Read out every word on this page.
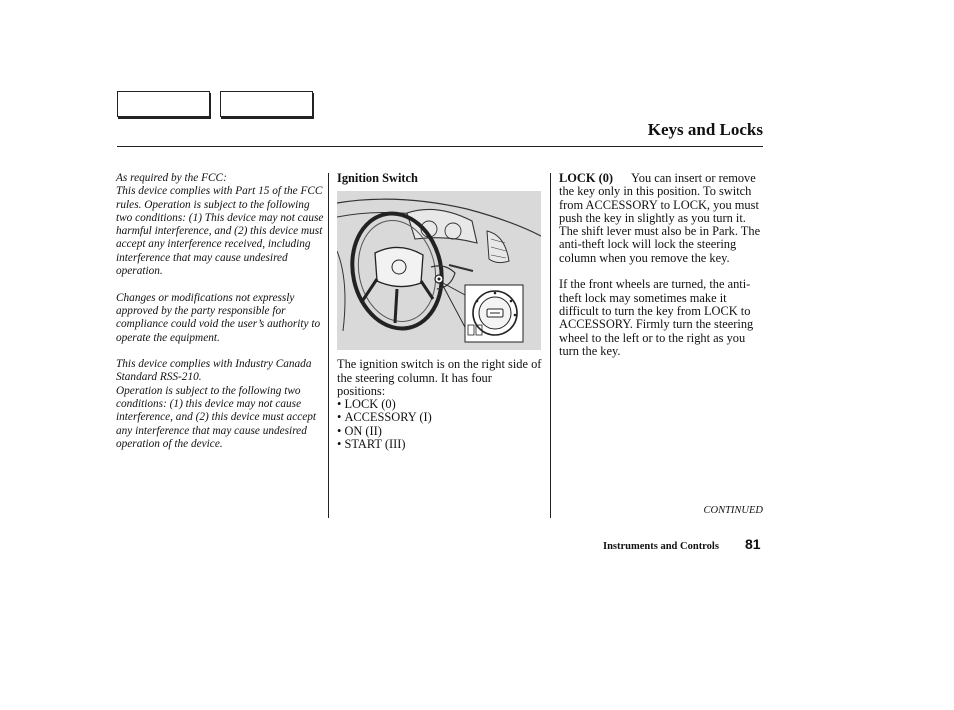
Keys and Locks

As required by the FCC:

This device complies with Part 15 of the FCC rules. Operation is subject to the following two conditions: (1) This device may not cause harmful interference, and (2) this device must accept any interference received, including interference that may cause undesired operation.

Changes or modifications not expressly approved by the party responsible for compliance could void the user’s authority to operate the equipment.

This device complies with Industry Canada Standard RSS-210.

Operation is subject to the following two conditions: (1) this device may not cause interference, and (2) this device must accept any interference that may cause undesired operation of the device.

Ignition Switch

The ignition switch is on the right side of the steering column. It has four positions:

• LOCK (0)
• ACCESSORY (I)
• ON (II)
• START (III)

LOCK (0) You can insert or remove the key only in this position. To switch from ACCESSORY to LOCK, you must push the key in slightly as you turn it. The shift lever must also be in Park. The anti-theft lock will lock the steering column when you remove the key.

If the front wheels are turned, the anti-theft lock may sometimes make it difficult to turn the key from LOCK to ACCESSORY. Firmly turn the steering wheel to the left or to the right as you turn the key.

CONTINUED
Instruments and Controls 81
